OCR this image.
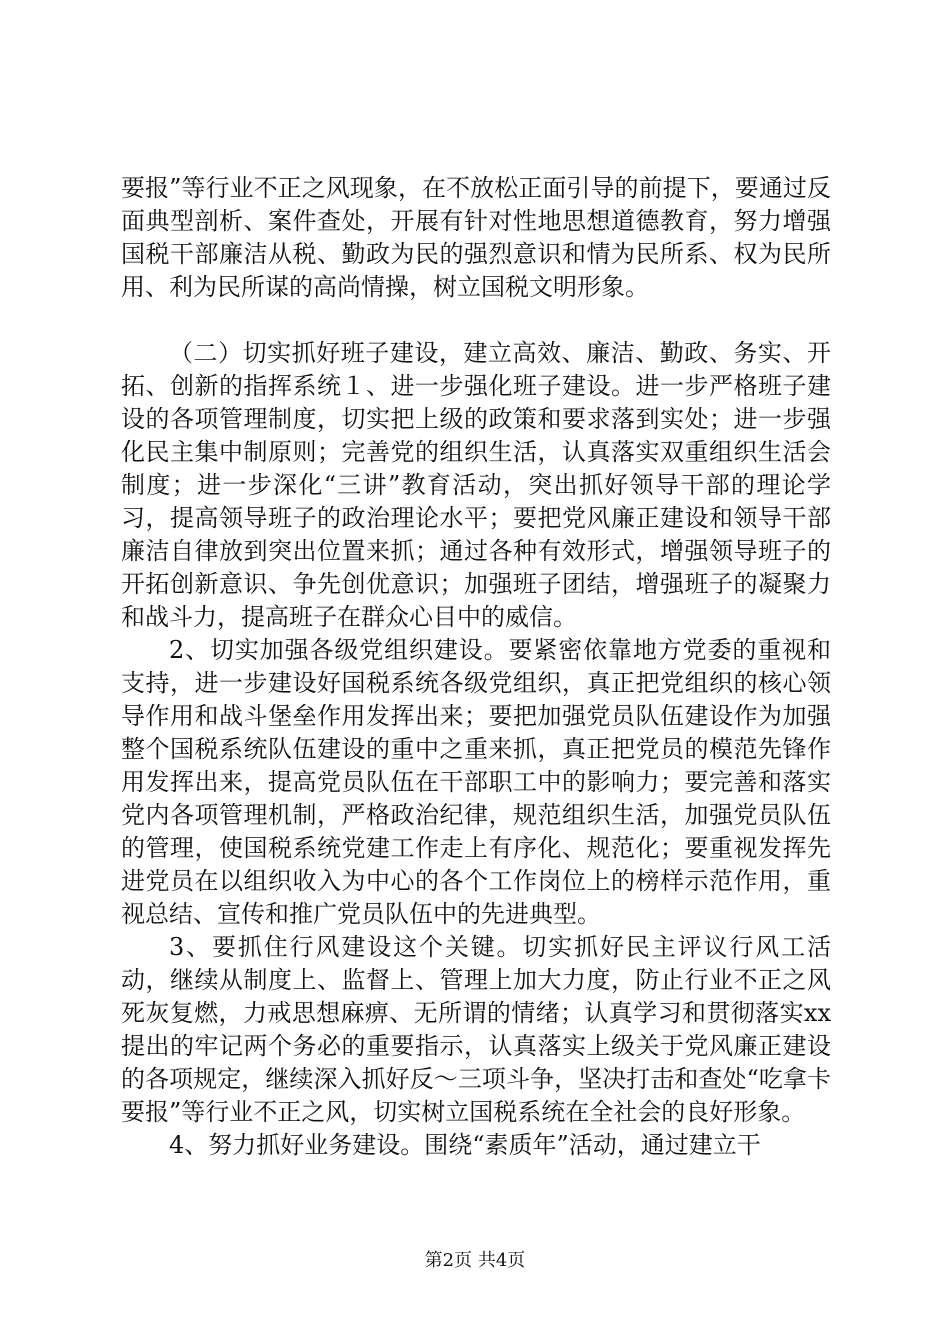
要报”等行业不正之风现象，在不放松正面引导的前提下，要通过反面典型剖析、案件查处，开展有针对性地思想道德教育，努力增强国税干部廉洁从税、勤政为民的强烈意识和情为民所系、权为民所用、利为民所谋的高尚情操，树立国税文明形象。

（二）切实抓好班子建设，建立高效、廉洁、勤政、务实、开拓、创新的指挥系统１、进一步强化班子建设。进一步严格班子建设的各项管理制度，切实把上级的政策和要求落到实处；进一步强化民主集中制原则；完善党的组织生活，认真落实双重组织生活会制度；进一步深化“三讲”教育活动，突出抓好领导干部的理论学习，提高领导班子的政治理论水平；要把党风廉正建设和领导干部廉洁自律放到突出位置来抓；通过各种有效形式，增强领导班子的开拓创新意识、争先创优意识；加强班子团结，增强班子的凝聚力和战斗力，提高班子在群众心目中的威信。

2、切实加强各级党组织建设。要紧密依靠地方党委的重视和支持，进一步建设好国税系统各级党组织，真正把党组织的核心领导作用和战斗堡垒作用发挥出来；要把加强党员队伍建设作为加强整个国税系统队伍建设的重中之重来抓，真正把党员的模范先锋作用发挥出来，提高党员队伍在干部职工中的影响力；要完善和落实党内各项管理机制，严格政治纪律，规范组织生活，加强党员队伍的管理，使国税系统党建工作走上有序化、规范化；要重视发挥先进党员在以组织收入为中心的各个工作岗位上的榜样示范作用，重视总结、宣传和推广党员队伍中的先进典型。

3、要抓住行风建设这个关键。切实抓好民主评议行风工活动，继续从制度上、监督上、管理上加大力度，防止行业不正之风死灰复燃，力戒思想麻痹、无所谓的情绪；认真学习和贯彻落实xx提出的牢记两个务必的重要指示，认真落实上级关于党风廉正建设的各项规定，继续深入抓好反～三项斗争，坚决打击和查处“吃拿卡要报”等行业不正之风，切实树立国税系统在全社会的良好形象。

4、努力抓好业务建设。围绕“素质年”活动，通过建立干

第2页 共4页
